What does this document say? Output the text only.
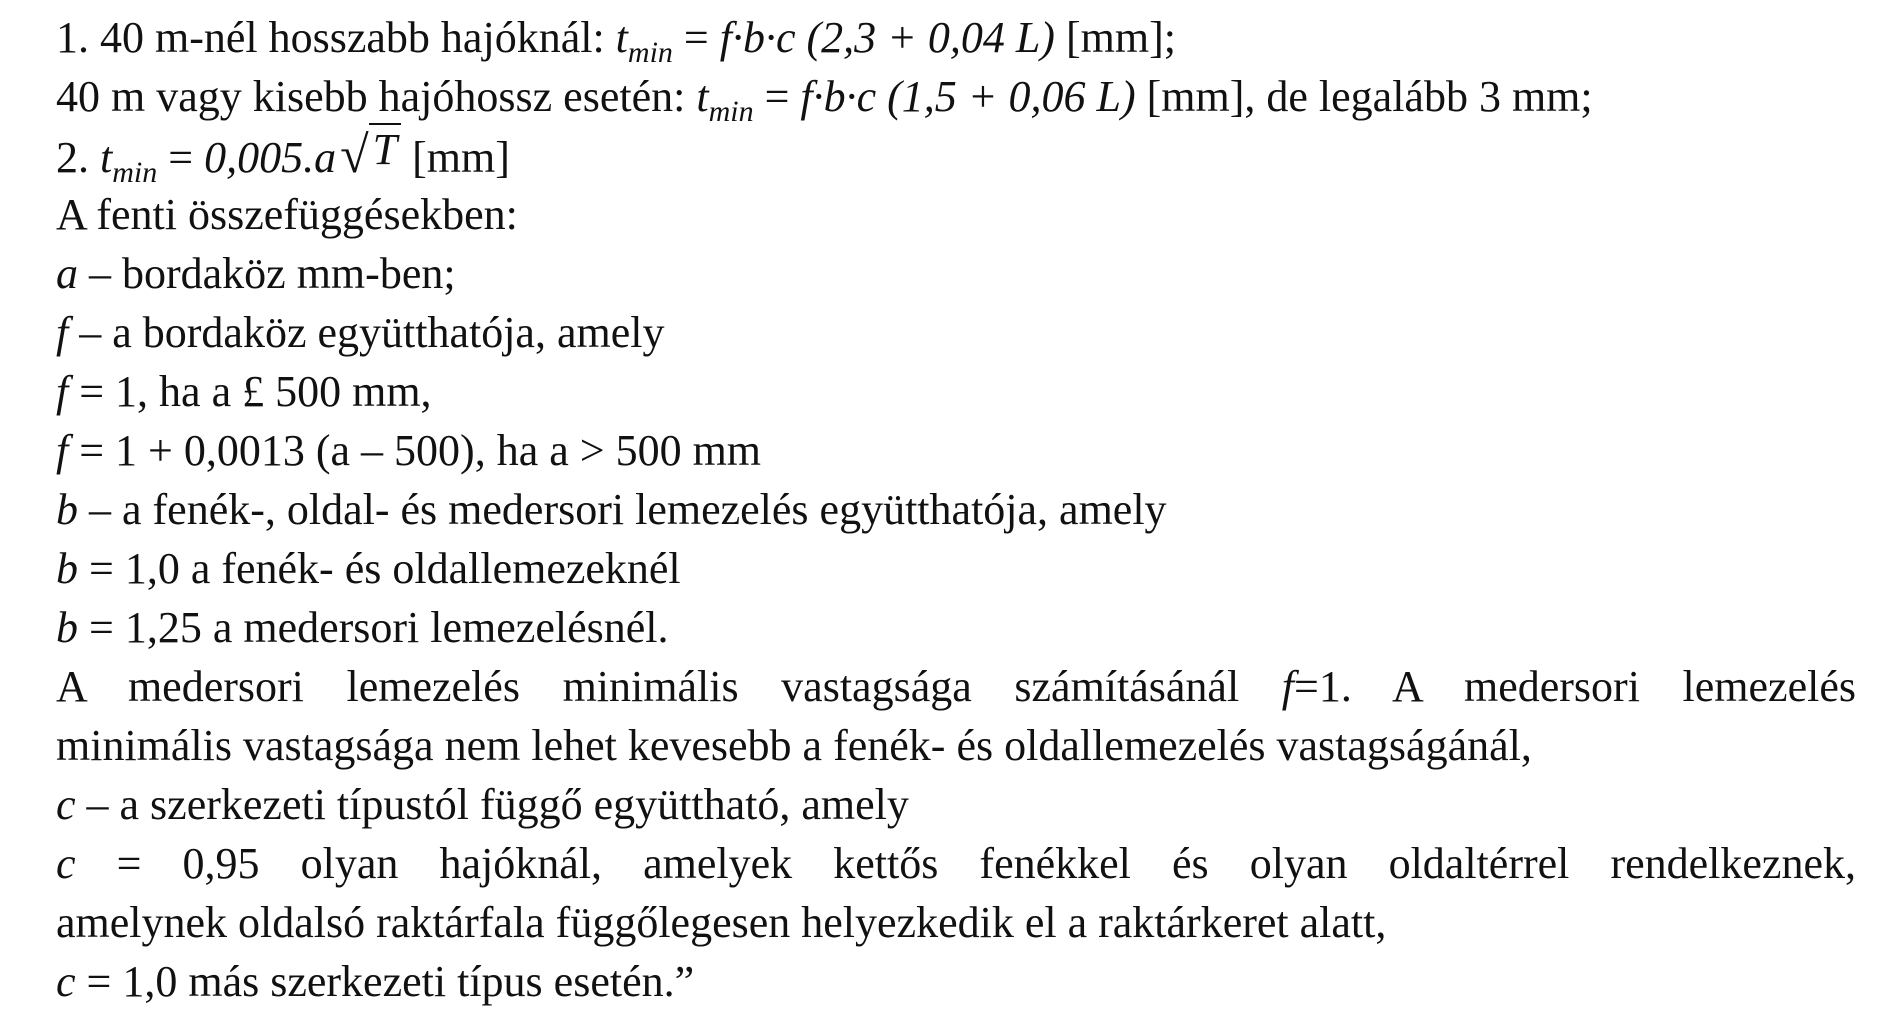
1. 40 m-nél hosszabb hajóknál: $t_{min} = f\cdot b\cdot c$ (2,3 + 0,04 L) [mm];
40 m vagy kisebb hajóhossz esetén: $t_{min} = f\cdot b\cdot c$ (1,5 + 0,06 L) [mm], de legalább 3 mm;
2. $t_{min} = 0,005.a√T$ [mm]
A fenti összefüggésekben:
a – bordaköz mm-ben;
f – a bordaköz együtthatója, amely
f = 1, ha a £ 500 mm,
f = 1 + 0,0013 (a – 500), ha a > 500 mm
b – a fenék-, oldal- és medersori lemezelés együtthatója, amely
b = 1,0 a fenék- és oldallemezeknél
b = 1,25 a medersori lemezelésnél.
A medersori lemezelés minimális vastagsága számításánál f=1. A medersori lemezelés
minimális vastagsága nem lehet kevesebb a fenék- és oldallemezelés vastagságánál,
c – a szerkezeti típustól függő együttható, amely
c = 0,95 olyan hajóknál, amelyek kettős fenékkel és olyan oldaltérrel rendelkeznek,
amelynek oldalsó raktárfala függőlegesen helyezkedik el a raktárkeret alatt,
c = 1,0 más szerkezeti típus esetén.”
